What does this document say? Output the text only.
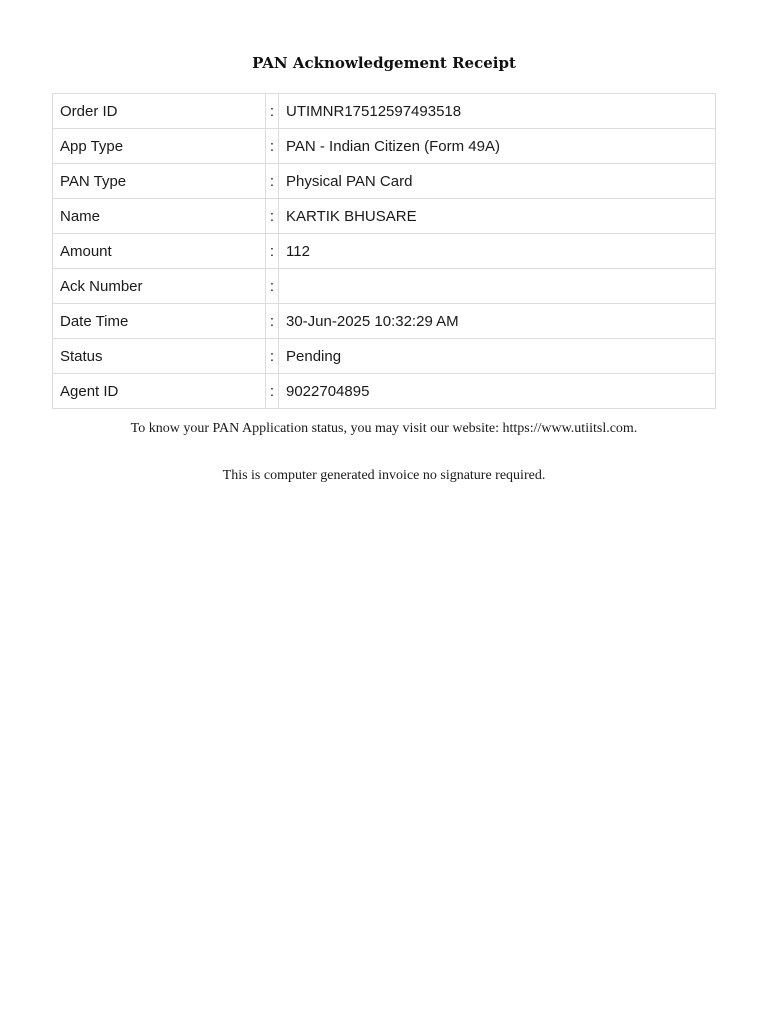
PAN Acknowledgement Receipt
Order ID	:	UTIMNR17512597493518
App Type	:	PAN - Indian Citizen (Form 49A)
PAN Type	:	Physical PAN Card
Name	:	KARTIK BHUSARE
Amount	:	112
Ack Number	:	
Date Time	:	30-Jun-2025 10:32:29 AM
Status	:	Pending
Agent ID	:	9022704895
To know your PAN Application status, you may visit our website: https://www.utiitsl.com.
This is computer generated invoice no signature required.
